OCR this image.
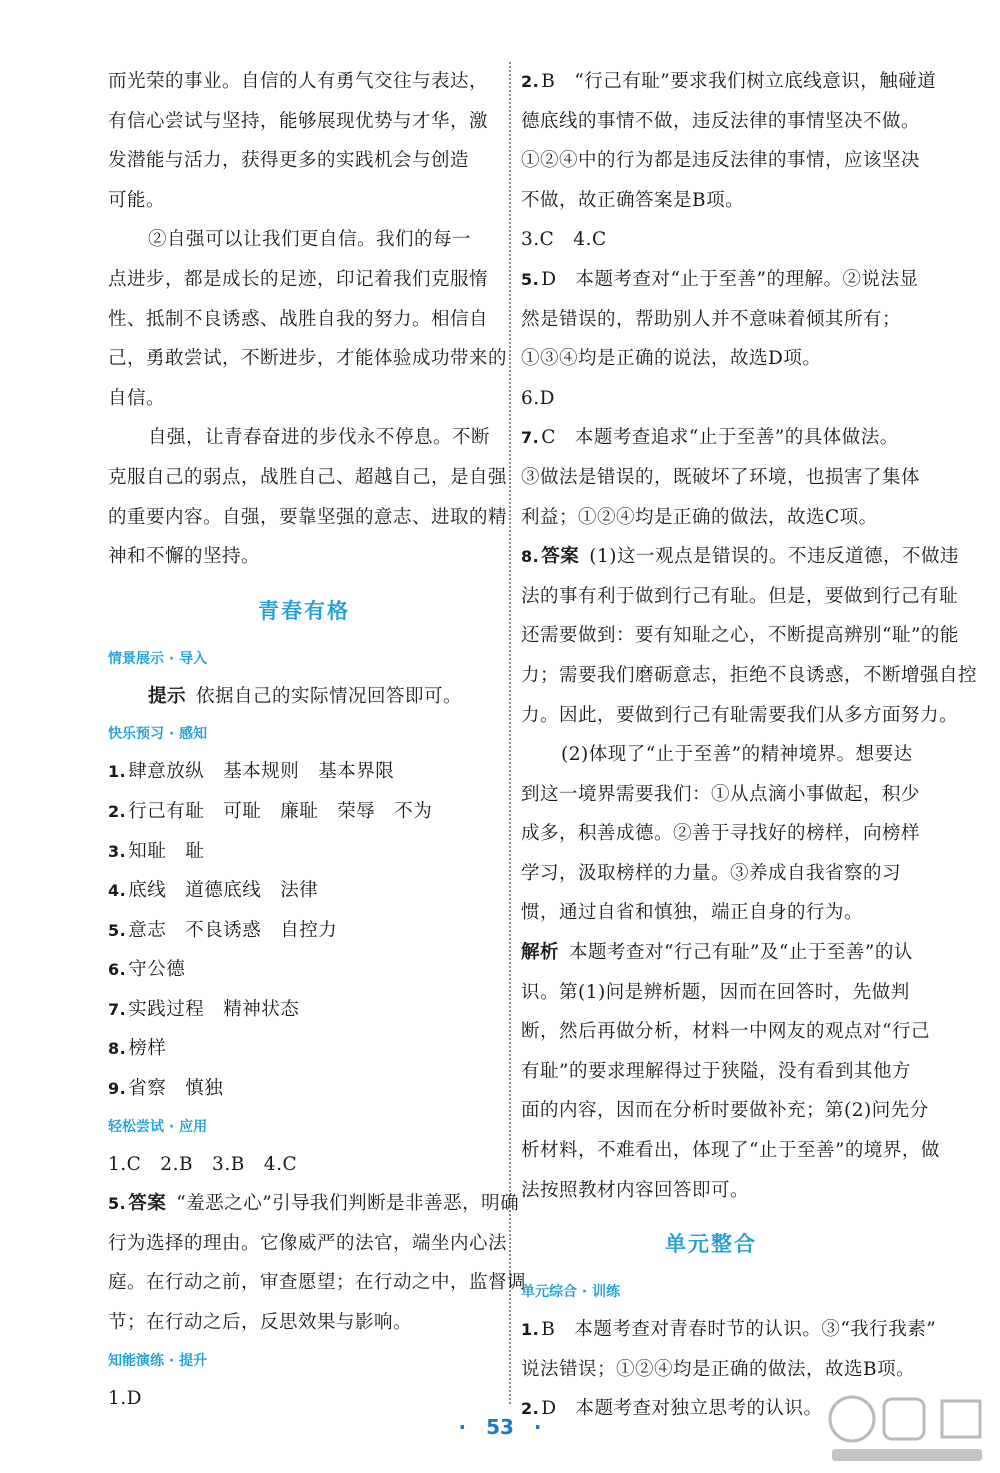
而光荣的事业。自信的人有勇气交往与表达，
有信心尝试与坚持，能够展现优势与才华，激
发潜能与活力，获得更多的实践机会与创造
可能。
②自强可以让我们更自信。我们的每一
点进步，都是成长的足迹，印记着我们克服惰
性、抵制不良诱惑、战胜自我的努力。相信自
己，勇敢尝试，不断进步，才能体验成功带来的
自信。
自强，让青春奋进的步伐永不停息。不断
克服自己的弱点，战胜自己、超越自己，是自强
的重要内容。自强，要靠坚强的意志、进取的精
神和不懈的坚持。
青春有格
情景展示 · 导入
提示 依据自己的实际情况回答即可。
快乐预习 · 感知
1. 肆意放纵　基本规则　基本界限
2. 行己有耻　可耻　廉耻　荣辱　不为
3. 知耻　耻
4. 底线　道德底线　法律
5. 意志　不良诱惑　自控力
6. 守公德
7. 实践过程　精神状态
8. 榜样
9. 省察　慎独
轻松尝试 · 应用
1.C　2.B　3.B　4.C
5. 答案 “羞恶之心”引导我们判断是非善恶，明确
行为选择的理由。它像威严的法官，端坐内心法
庭。在行动之前，审查愿望；在行动之中，监督调
节；在行动之后，反思效果与影响。
知能演练 · 提升
1.D
2. B　“行己有耻”要求我们树立底线意识，触碰道
德底线的事情不做，违反法律的事情坚决不做。
①②④中的行为都是违反法律的事情，应该坚决
不做，故正确答案是B项。
3.C　4.C
5. D　本题考查对“止于至善”的理解。②说法显
然是错误的，帮助别人并不意味着倾其所有；
①③④均是正确的说法，故选D项。
6.D
7. C　本题考查追求“止于至善”的具体做法。
③做法是错误的，既破坏了环境，也损害了集体
利益；①②④均是正确的做法，故选C项。
8. 答案 (1)这一观点是错误的。不违反道德，不做违
法的事有利于做到行己有耻。但是，要做到行己有耻
还需要做到：要有知耻之心，不断提高辨别“耻”的能
力；需要我们磨砺意志，拒绝不良诱惑，不断增强自控
力。因此，要做到行己有耻需要我们从多方面努力。
(2)体现了“止于至善”的精神境界。想要达
到这一境界需要我们：①从点滴小事做起，积少
成多，积善成德。②善于寻找好的榜样，向榜样
学习，汲取榜样的力量。③养成自我省察的习
惯，通过自省和慎独，端正自身的行为。
解析 本题考查对“行己有耻”及“止于至善”的认
识。第(1)问是辨析题，因而在回答时，先做判
断，然后再做分析，材料一中网友的观点对“行己
有耻”的要求理解得过于狭隘，没有看到其他方
面的内容，因而在分析时要做补充；第(2)问先分
析材料，不难看出，体现了“止于至善”的境界，做
法按照教材内容回答即可。
单元整合
单元综合 · 训练
1. B　本题考查对青春时节的认识。③“我行我素”
说法错误；①②④均是正确的做法，故选B项。
2. D　本题考查对独立思考的认识。
·　53　·
